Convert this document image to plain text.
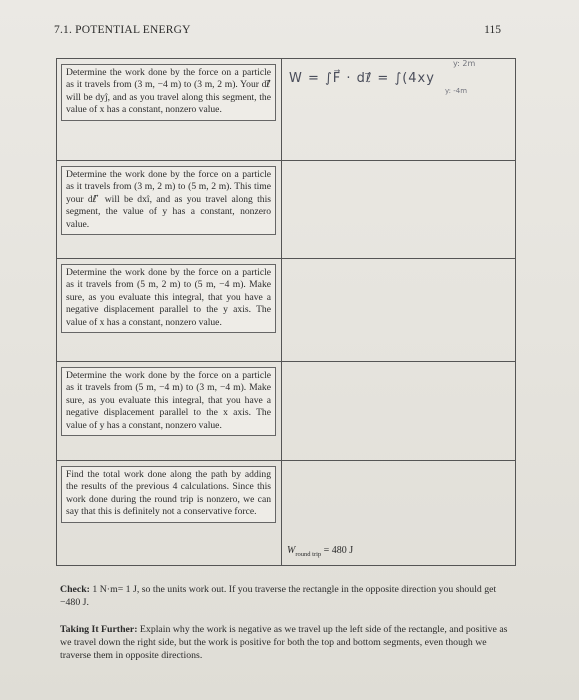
7.1. POTENTIAL ENERGY	115
Determine the work done by the force on a particle as it travels from (3 m, −4 m) to (3 m, 2 m). Your dℓ⃗ will be dyĵ, and as you travel along this segment, the value of x has a constant, nonzero value.
W = ∫F⃗ · dℓ⃗ = ∫(4xy
y: 2m
y: -4m
Determine the work done by the force on a particle as it travels from (3 m, 2 m) to (5 m, 2 m). This time your dℓ⃗ will be dxî, and as you travel along this segment, the value of y has a constant, nonzero value.
Determine the work done by the force on a particle as it travels from (5 m, 2 m) to (5 m, −4 m). Make sure, as you evaluate this integral, that you have a negative displacement parallel to the y axis. The value of x has a constant, nonzero value.
Determine the work done by the force on a particle as it travels from (5 m, −4 m) to (3 m, −4 m). Make sure, as you evaluate this integral, that you have a negative displacement parallel to the x axis. The value of y has a constant, nonzero value.
Find the total work done along the path by adding the results of the previous 4 calculations. Since this work done during the round trip is nonzero, we can say that this is definitely not a conservative force.
$W_{round trip} = 480$ J
Check: 1 N·m= 1 J, so the units work out. If you traverse the rectangle in the opposite direction you should get −480 J.
Taking It Further: Explain why the work is negative as we travel up the left side of the rectangle, and positive as we travel down the right side, but the work is positive for both the top and bottom segments, even though we traverse them in opposite directions.
